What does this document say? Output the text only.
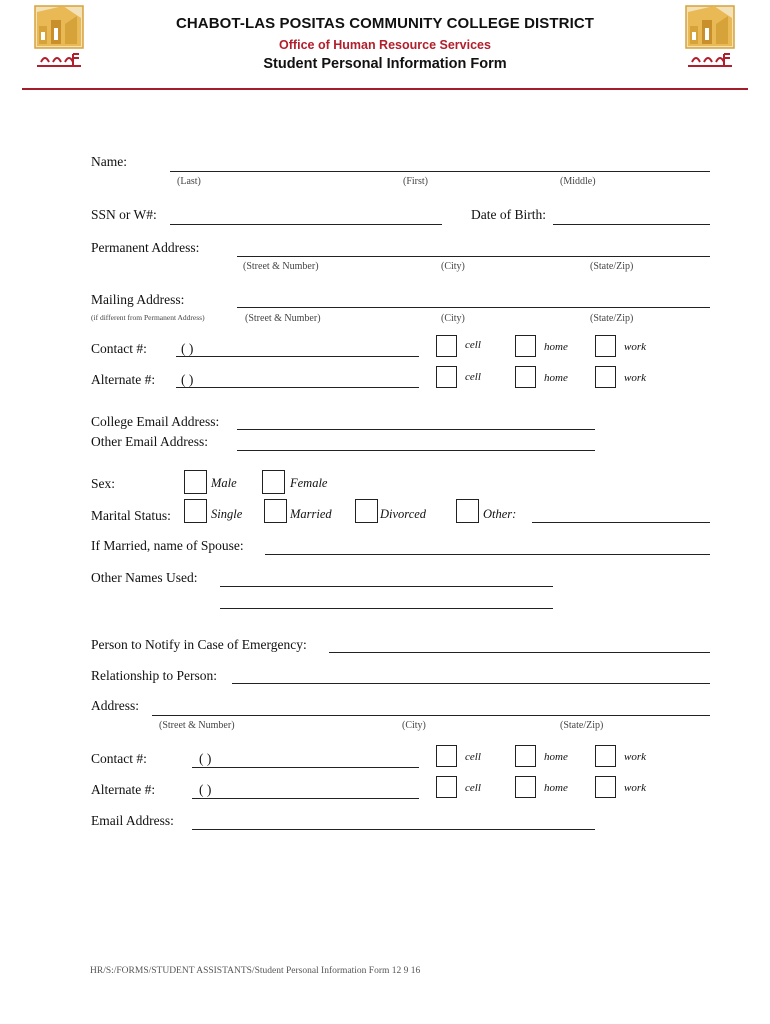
CHABOT-LAS POSITAS COMMUNITY COLLEGE DISTRICT
Office of Human Resource Services
Student Personal Information Form
Name:
(Last)	(First)	(Middle)
SSN or W#:	Date of Birth:
Permanent Address:
(Street & Number)	(City)	(State/Zip)
Mailing Address:
(if different from Permanent Address)	(Street & Number)	(City)	(State/Zip)
Contact #:	( )	cell	home	work
Alternate #: ( )	cell	home	work
College Email Address:
Other Email Address:
Sex:	Male	Female
Marital Status:	Single	Married	Divorced	Other:
If Married, name of Spouse:
Other Names Used:
Person to Notify in Case of Emergency:
Relationship to Person:
Address:
(Street & Number)	(City)	(State/Zip)
Contact #:	( )	cell	home	work
Alternate #:	( )	cell	home	work
Email Address:
HR/S:/FORMS/STUDENT ASSISTANTS/Student Personal Information Form 12 9 16
